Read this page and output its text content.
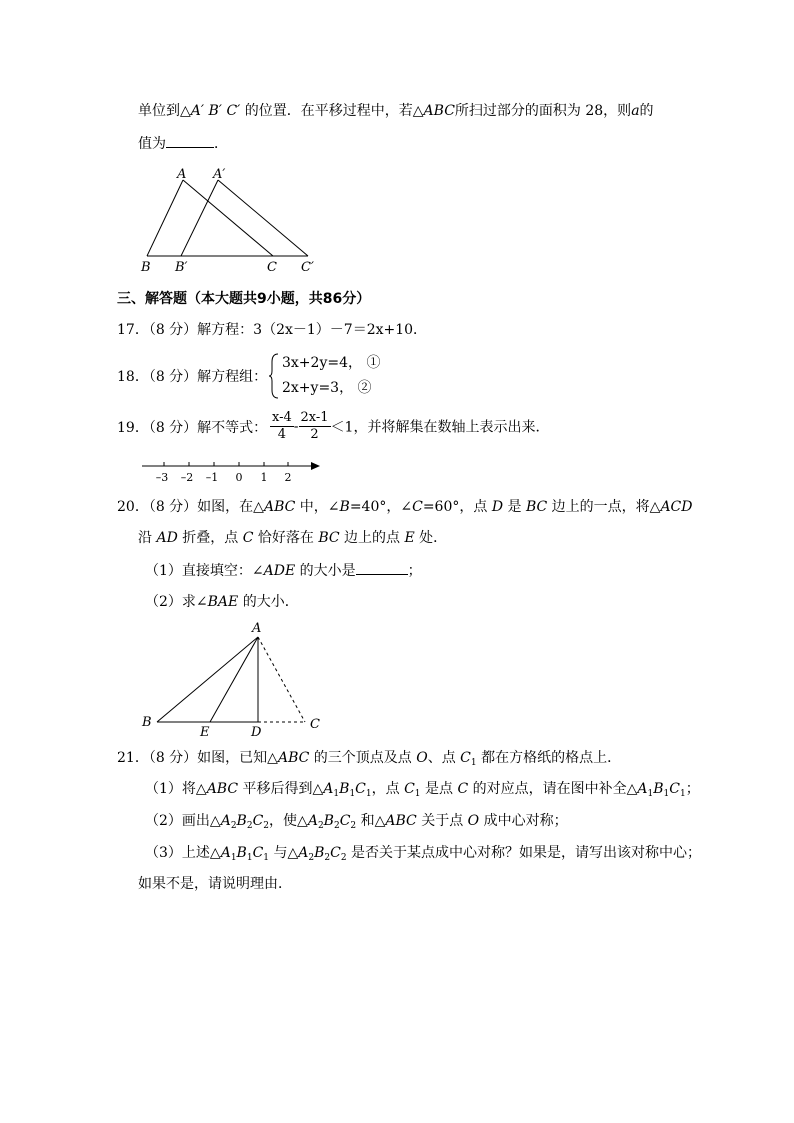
单位到△A′ B′ C′ 的位置．在平移过程中，若△ABC所扫过部分的面积为 28，则a的
值为	．
A A′
B B′	C C′
三、解答题（本大题共9小题，共86分）
17．（8 分）解方程：3（2x－1）－7＝2x+10．
18．（8 分）解方程组：
3x+2y=4， ①
2x+y=3， ②
19．（8 分）解不等式： $\frac{x-4}{4} - \frac{2x-1}{2} <1$，并将解集在数轴上表示出来．
–3 –2 –1 0 1 2
20．（8 分）如图，在△ABC 中，∠B=40°，∠C=60°，点 D 是 BC 边上的一点，将△ACD
沿 AD 折叠，点 C 恰好落在 BC 边上的点 E 处．
（1）直接填空：∠ADE 的大小是	；
（2）求∠BAE 的大小．
A
B	C
D
E
21．（8 分）如图，已知△ABC 的三个顶点及点 O、点 $C_1$ 都在方格纸的格点上．
（1）将△ABC 平移后得到$\triangle A_1B_1C_1$，点 $C_1$ 是点 C 的对应点，请在图中补全$\triangle A_1B_1C_1$；
（2）画出$\triangle A_2B_2C_2$，使$\triangle A_2B_2C_2$ 和△ABC 关于点 O 成中心对称；
（3）上述$\triangle A_1B_1C_1$ 与$\triangle A_2B_2C_2$ 是否关于某点成中心对称？如果是，请写出该对称中心；
如果不是，请说明理由．
